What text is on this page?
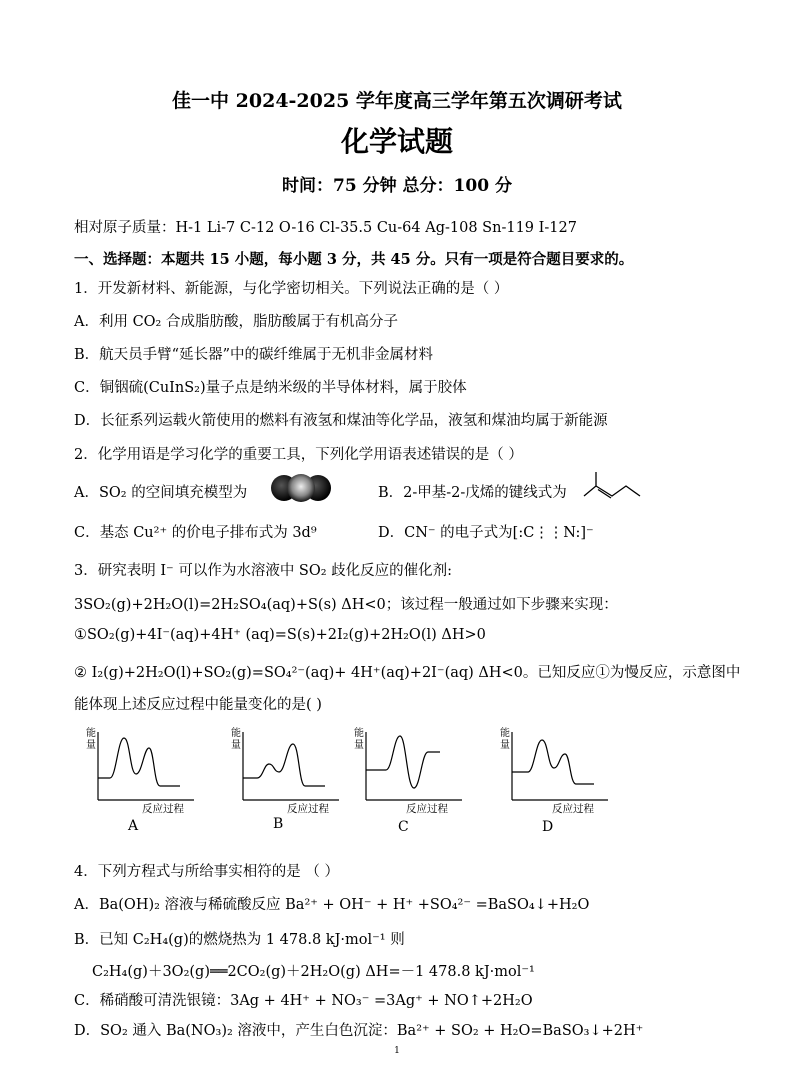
佳一中 2024-2025 学年度高三学年第五次调研考试
化学试题
时间：75 分钟 总分：100 分
相对原子质量：H-1 Li-7 C-12 O-16 Cl-35.5 Cu-64 Ag-108 Sn-119 I-127
一、选择题：本题共 15 小题，每小题 3 分，共 45 分。只有一项是符合题目要求的。
1．开发新材料、新能源，与化学密切相关。下列说法正确的是（ ）
A．利用 CO₂ 合成脂肪酸，脂肪酸属于有机高分子
B．航天员手臂“延长器”中的碳纤维属于无机非金属材料
C．铜铟硫(CuInS₂)量子点是纳米级的半导体材料，属于胶体
D．长征系列运载火箭使用的燃料有液氢和煤油等化学品，液氢和煤油均属于新能源
2．化学用语是学习化学的重要工具，下列化学用语表述错误的是（ ）
A．SO₂ 的空间填充模型为	B．2-甲基-2-戊烯的键线式为
C．基态 Cu²⁺ 的价电子排布式为 3d⁹	D．CN⁻ 的电子式为[:C⋮⋮N:]⁻
3．研究表明 I⁻ 可以作为水溶液中 SO₂ 歧化反应的催化剂:
3SO₂(g)+2H₂O(l)=2H₂SO₄(aq)+S(s) ΔH<0；该过程一般通过如下步骤来实现：
①SO₂(g)+4I⁻(aq)+4H⁺ (aq)=S(s)+2I₂(g)+2H₂O(l) ΔH>0
② I₂(g)+2H₂O(l)+SO₂(g)=SO₄²⁻(aq)+ 4H⁺(aq)+2I⁻(aq) ΔH<0。已知反应①为慢反应，示意图中
能体现上述反应过程中能量变化的是( )
能量
反应过程
A
能量
反应过程
B
能量
反应过程
C
能量
反应过程
D
4．下列方程式与所给事实相符的是 （ ）
A．Ba(OH)₂ 溶液与稀硫酸反应 Ba²⁺ + OH⁻ + H⁺ +SO₄²⁻ =BaSO₄↓+H₂O
B．已知 C₂H₄(g)的燃烧热为 1 478.8 kJ·mol⁻¹ 则
C₂H₄(g)＋3O₂(g)══2CO₂(g)＋2H₂O(g) ΔH=－1 478.8 kJ·mol⁻¹
C．稀硝酸可清洗银镜：3Ag + 4H⁺ + NO₃⁻ =3Ag⁺ + NO↑+2H₂O
D．SO₂ 通入 Ba(NO₃)₂ 溶液中，产生白色沉淀：Ba²⁺ + SO₂ + H₂O=BaSO₃↓+2H⁺
1
